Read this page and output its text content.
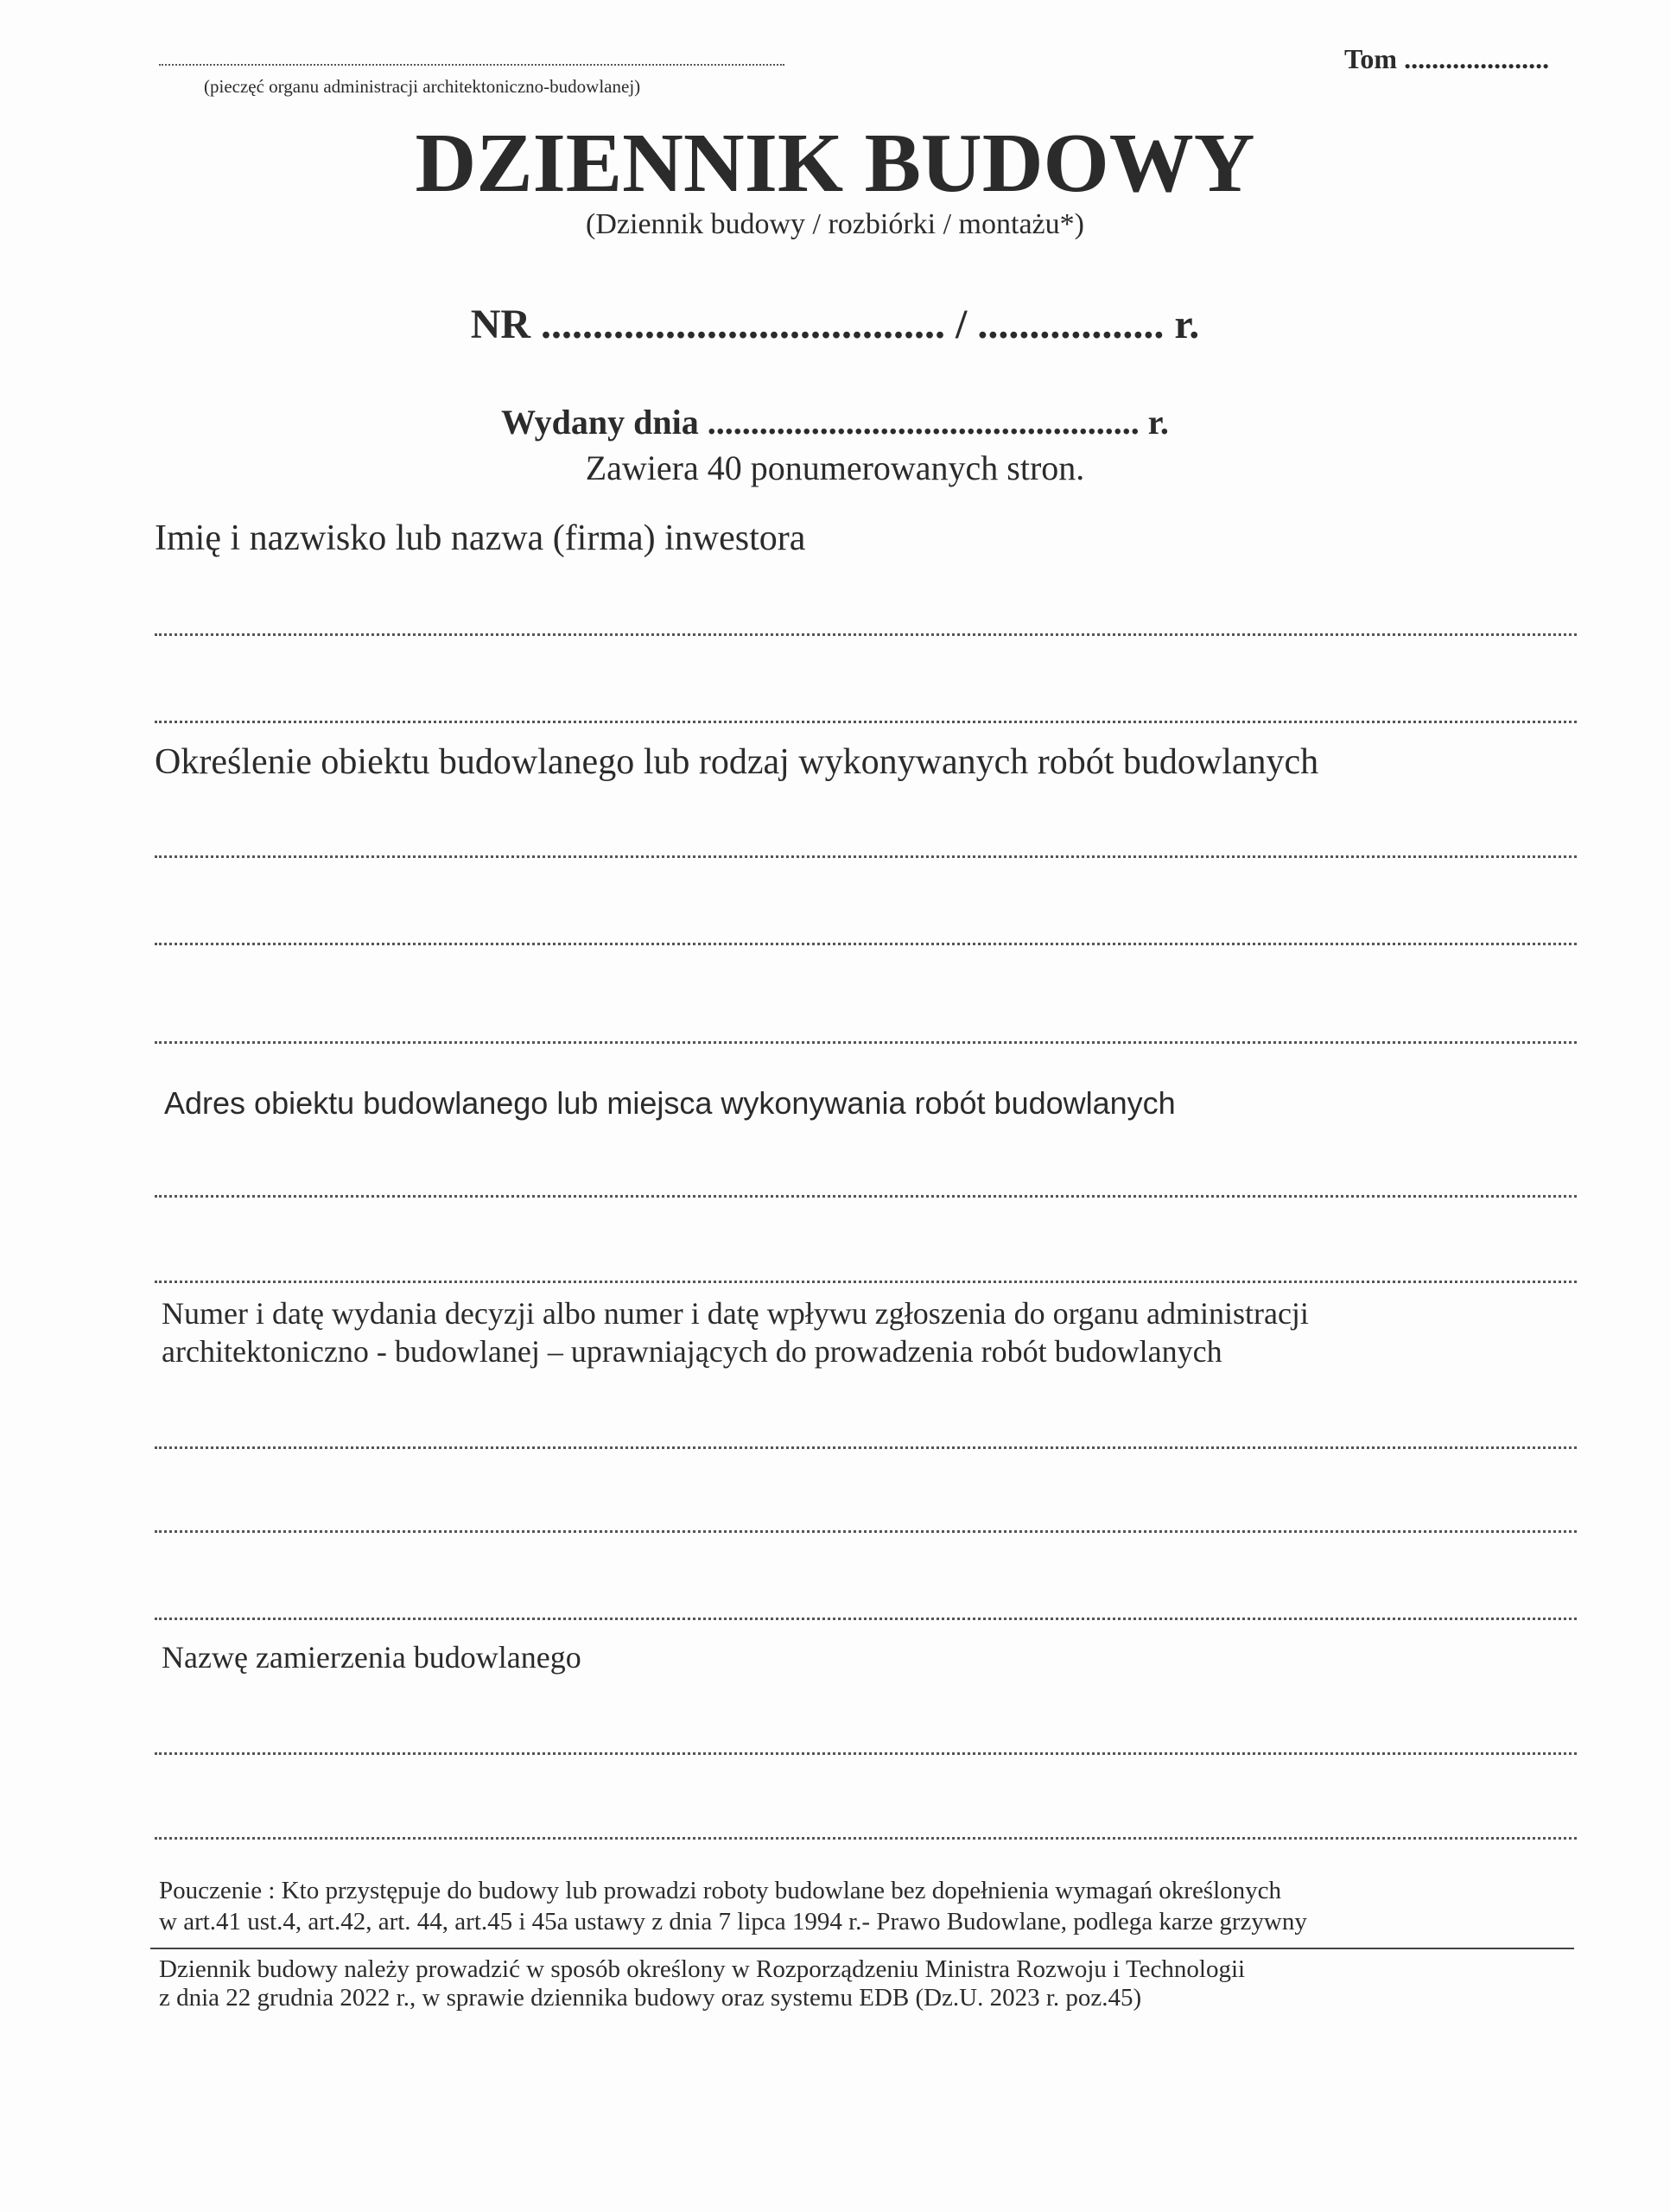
(pieczęć organu administracji architektoniczno-budowlanej)
Tom .....................
DZIENNIK BUDOWY
(Dziennik budowy / rozbiórki / montażu*)
NR ....................................... / .................. r.
Wydany dnia .................................................. r.
Zawiera 40 ponumerowanych stron.
Imię i nazwisko lub nazwa (firma) inwestora
Określenie obiektu budowlanego lub rodzaj wykonywanych robót budowlanych
Adres obiektu budowlanego lub miejsca wykonywania robót budowlanych
Numer i datę wydania decyzji albo numer i datę wpływu zgłoszenia do organu administracji
architektoniczno - budowlanej – uprawniających do prowadzenia robót budowlanych
Nazwę zamierzenia budowlanego
Pouczenie : Kto przystępuje do budowy lub prowadzi roboty budowlane bez dopełnienia wymagań określonych
w art.41 ust.4, art.42, art. 44, art.45 i 45a ustawy z dnia 7 lipca 1994 r.- Prawo Budowlane, podlega karze grzywny
Dziennik budowy należy prowadzić w sposób określony w Rozporządzeniu Ministra Rozwoju i Technologii
z dnia 22 grudnia 2022 r., w sprawie dziennika budowy oraz systemu EDB (Dz.U. 2023 r. poz.45)
